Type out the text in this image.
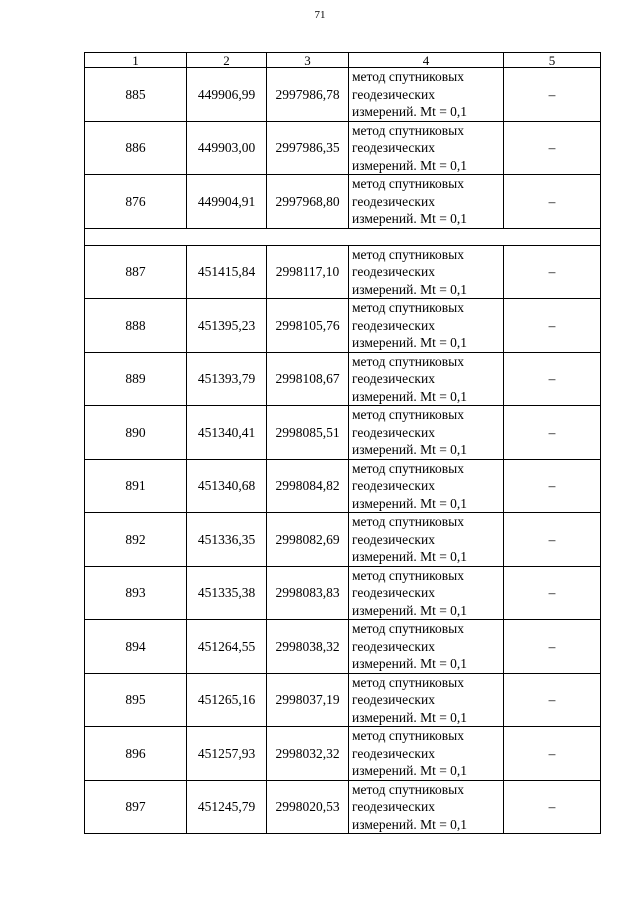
71
1	2	3	4	5
885	449906,99	2997986,78	метод спутниковых
геодезических
измерений. Mt = 0,1	–
886	449903,00	2997986,35	метод спутниковых
геодезических
измерений. Mt = 0,1	–
876	449904,91	2997968,80	метод спутниковых
геодезических
измерений. Mt = 0,1	–

887	451415,84	2998117,10	метод спутниковых
геодезических
измерений. Mt = 0,1	–
888	451395,23	2998105,76	метод спутниковых
геодезических
измерений. Mt = 0,1	–
889	451393,79	2998108,67	метод спутниковых
геодезических
измерений. Mt = 0,1	–
890	451340,41	2998085,51	метод спутниковых
геодезических
измерений. Mt = 0,1	–
891	451340,68	2998084,82	метод спутниковых
геодезических
измерений. Mt = 0,1	–
892	451336,35	2998082,69	метод спутниковых
геодезических
измерений. Mt = 0,1	–
893	451335,38	2998083,83	метод спутниковых
геодезических
измерений. Mt = 0,1	–
894	451264,55	2998038,32	метод спутниковых
геодезических
измерений. Mt = 0,1	–
895	451265,16	2998037,19	метод спутниковых
геодезических
измерений. Mt = 0,1	–
896	451257,93	2998032,32	метод спутниковых
геодезических
измерений. Mt = 0,1	–
897	451245,79	2998020,53	метод спутниковых
геодезических
измерений. Mt = 0,1	–
